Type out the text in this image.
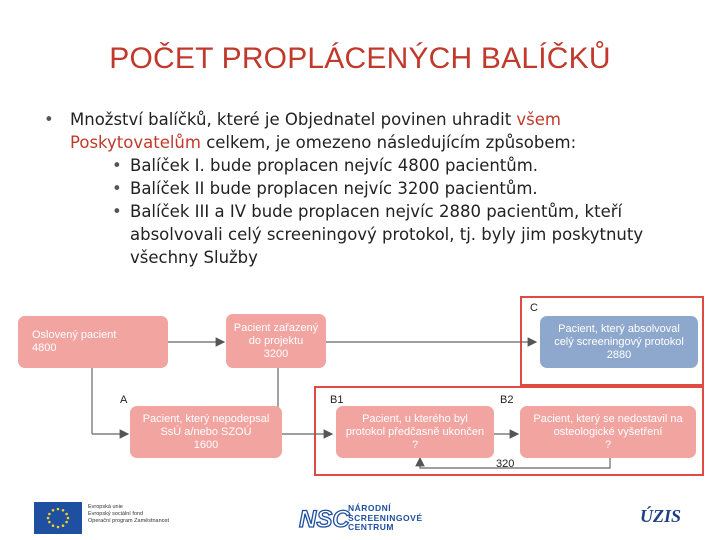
POČET PROPLÁCENÝCH BALÍČKŮ
• Množství balíčků, které je Objednatel povinen uhradit všem Poskytovatelům celkem, je omezeno následujícím způsobem:
• Balíček I. bude proplacen nejvíc 4800 pacientům.
• Balíček II bude proplacen nejvíc 3200 pacientům.
• Balíček III a IV bude proplacen nejvíc 2880 pacientům, kteří absolvovali celý screeningový protokol, tj. byly jim poskytnuty všechny Služby
Oslovený pacient
4800
Pacient zařazený
do projektu
3200
Pacient, který absolvoval
celý screeningový protokol
2880
Pacient, který nepodepsal
SsÚ a/nebo SZOÚ
1600
Pacient, u kterého byl
protokol předčasně ukončen
?
Pacient, který se nedostavil na
osteologické vyšetření
?
C
A	B1	B2
320
Evropská unie
Evropský sociální fond
Operační program Zaměstnanost	NSC
NÁRODNÍ
SCREENINGOVÉ
CENTRUM
ÚZIS
